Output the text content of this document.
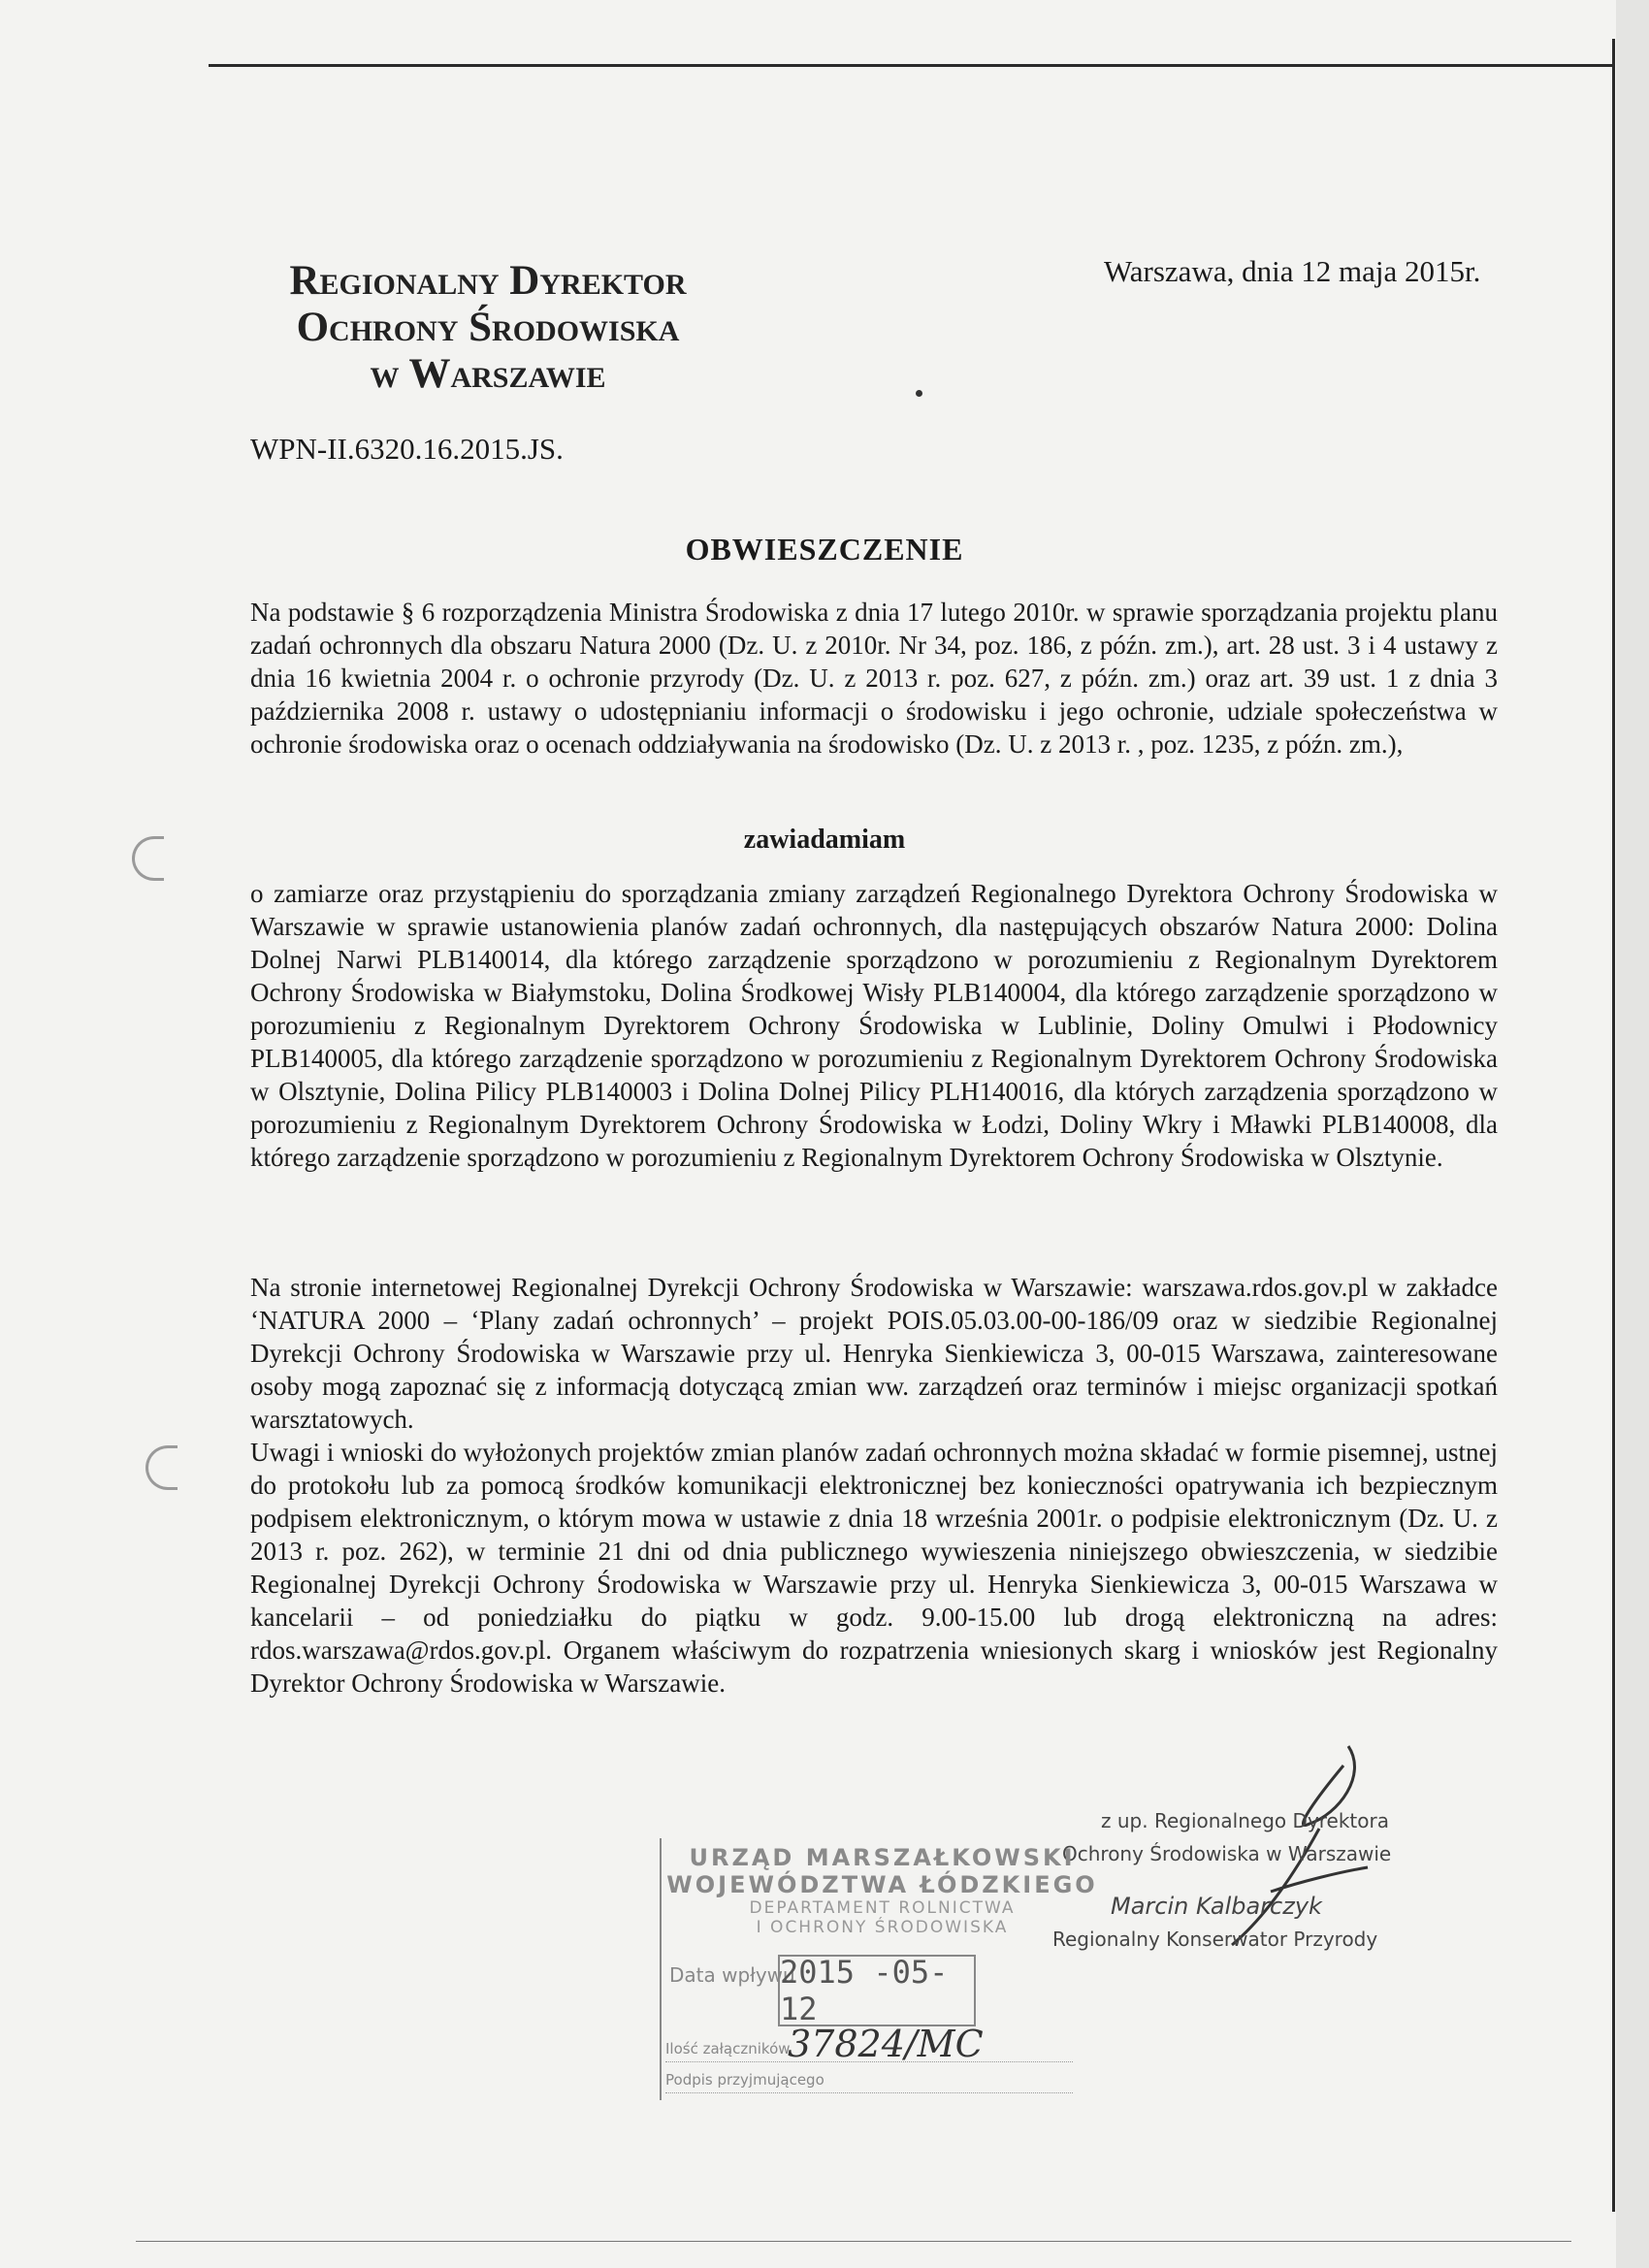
Regionalny Dyrektor
Ochrony Środowiska
w Warszawie
Warszawa, dnia 12 maja 2015r.
WPN-II.6320.16.2015.JS.
OBWIESZCZENIE
Na podstawie § 6 rozporządzenia Ministra Środowiska z dnia 17 lutego 2010r. w sprawie sporządzania projektu planu zadań ochronnych dla obszaru Natura 2000 (Dz. U. z 2010r. Nr 34, poz. 186, z późn. zm.), art. 28 ust. 3 i 4 ustawy z dnia 16 kwietnia 2004 r. o ochronie przyrody (Dz. U. z 2013 r. poz. 627, z późn. zm.) oraz art. 39 ust. 1 z dnia 3 października 2008 r. ustawy o udostępnianiu informacji o środowisku i jego ochronie, udziale społeczeństwa w ochronie środowiska oraz o ocenach oddziaływania na środowisko (Dz. U. z 2013 r. , poz. 1235, z późn. zm.),
zawiadamiam
o zamiarze oraz przystąpieniu do sporządzania zmiany zarządzeń Regionalnego Dyrektora Ochrony Środowiska w Warszawie w sprawie ustanowienia planów zadań ochronnych, dla następujących obszarów Natura 2000: Dolina Dolnej Narwi PLB140014, dla którego zarządzenie sporządzono w porozumieniu z Regionalnym Dyrektorem Ochrony Środowiska w Białymstoku, Dolina Środkowej Wisły PLB140004, dla którego zarządzenie sporządzono w porozumieniu z Regionalnym Dyrektorem Ochrony Środowiska w Lublinie, Doliny Omulwi i Płodownicy PLB140005, dla którego zarządzenie sporządzono w porozumieniu z Regionalnym Dyrektorem Ochrony Środowiska w Olsztynie, Dolina Pilicy PLB140003 i Dolina Dolnej Pilicy PLH140016, dla których zarządzenia sporządzono w porozumieniu z Regionalnym Dyrektorem Ochrony Środowiska w Łodzi, Doliny Wkry i Mławki PLB140008, dla którego zarządzenie sporządzono w porozumieniu z Regionalnym Dyrektorem Ochrony Środowiska w Olsztynie.
Na stronie internetowej Regionalnej Dyrekcji Ochrony Środowiska w Warszawie: warszawa.rdos.gov.pl w zakładce ‘NATURA 2000 – ‘Plany zadań ochronnych’ – projekt POIS.05.03.00-00-186/09 oraz w siedzibie Regionalnej Dyrekcji Ochrony Środowiska w Warszawie przy ul. Henryka Sienkiewicza 3, 00-015 Warszawa, zainteresowane osoby mogą zapoznać się z informacją dotyczącą zmian ww. zarządzeń oraz terminów i miejsc organizacji spotkań warsztatowych.
Uwagi i wnioski do wyłożonych projektów zmian planów zadań ochronnych można składać w formie pisemnej, ustnej do protokołu lub za pomocą środków komunikacji elektronicznej bez konieczności opatrywania ich bezpiecznym podpisem elektronicznym, o którym mowa w ustawie z dnia 18 września 2001r. o podpisie elektronicznym (Dz. U. z 2013 r. poz. 262), w terminie 21 dni od dnia publicznego wywieszenia niniejszego obwieszczenia, w siedzibie Regionalnej Dyrekcji Ochrony Środowiska w Warszawie przy ul. Henryka Sienkiewicza 3, 00-015 Warszawa w kancelarii – od poniedziałku do piątku w godz. 9.00-15.00 lub drogą elektroniczną na adres: rdos.warszawa@rdos.gov.pl. Organem właściwym do rozpatrzenia wniesionych skarg i wniosków jest Regionalny Dyrektor Ochrony Środowiska w Warszawie.
z up. Regionalnego Dyrektora
Ochrony Środowiska w Warszawie
Marcin Kalbarczyk
Regionalny Konserwator Przyrody
URZĄD MARSZAŁKOWSKI
WOJEWÓDZTWA ŁÓDZKIEGO
DEPARTAMENT ROLNICTWA
I OCHRONY ŚRODOWISKA
Data wpływu
2015 -05- 12
Ilość załączników
37824/MC
Podpis przyjmującego
